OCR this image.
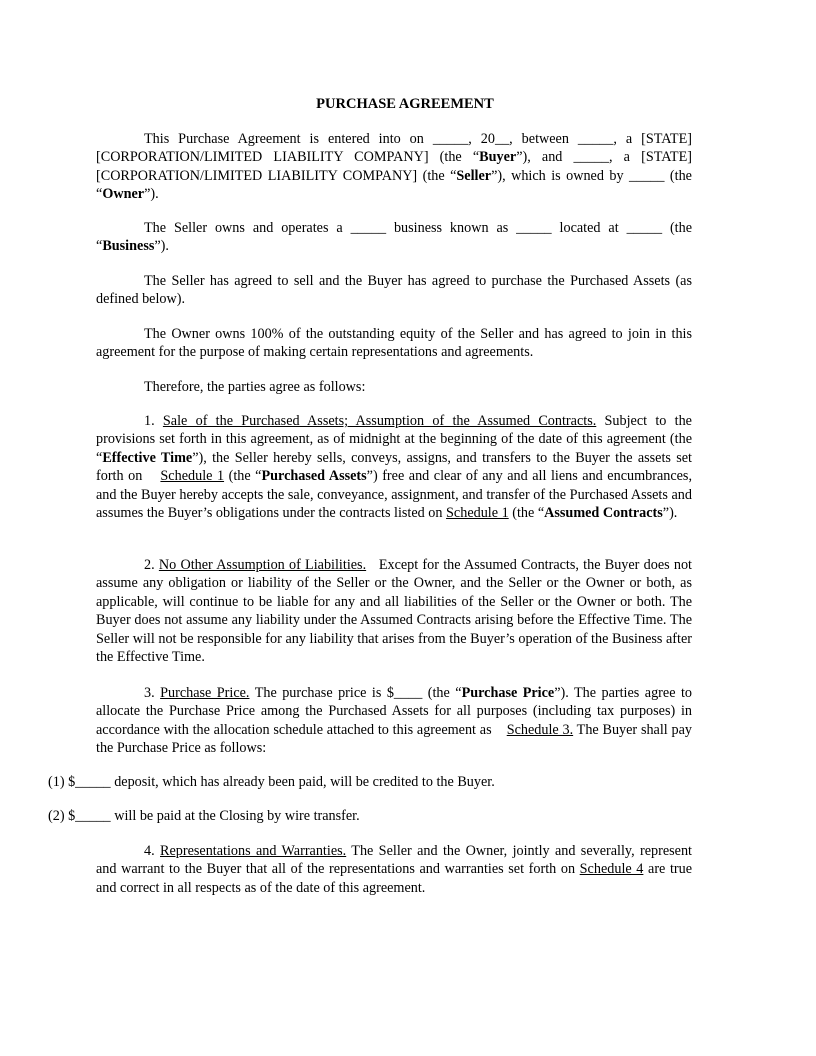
PURCHASE AGREEMENT
This Purchase Agreement is entered into on _____, 20__, between _____, a [STATE] [CORPORATION/LIMITED LIABILITY COMPANY] (the “Buyer”), and _____, a [STATE] [CORPORATION/LIMITED LIABILITY COMPANY] (the “Seller”), which is owned by _____ (the “Owner”).
The Seller owns and operates a _____ business known as _____ located at _____ (the “Business”).
The Seller has agreed to sell and the Buyer has agreed to purchase the Purchased Assets (as defined below).
The Owner owns 100% of the outstanding equity of the Seller and has agreed to join in this agreement for the purpose of making certain representations and agreements.
Therefore, the parties agree as follows:
1. Sale of the Purchased Assets; Assumption of the Assumed Contracts. Subject to the provisions set forth in this agreement, as of midnight at the beginning of the date of this agreement (the “Effective Time”), the Seller hereby sells, conveys, assigns, and transfers to the Buyer the assets set forth on Schedule 1 (the “Purchased Assets”) free and clear of any and all liens and encumbrances, and the Buyer hereby accepts the sale, conveyance, assignment, and transfer of the Purchased Assets and assumes the Buyer’s obligations under the contracts listed on Schedule 1 (the “Assumed Contracts”).
2. No Other Assumption of Liabilities. Except for the Assumed Contracts, the Buyer does not assume any obligation or liability of the Seller or the Owner, and the Seller or the Owner or both, as applicable, will continue to be liable for any and all liabilities of the Seller or the Owner or both. The Buyer does not assume any liability under the Assumed Contracts arising before the Effective Time. The Seller will not be responsible for any liability that arises from the Buyer’s operation of the Business after the Effective Time.
3. Purchase Price. The purchase price is $____ (the “Purchase Price”). The parties agree to allocate the Purchase Price among the Purchased Assets for all purposes (including tax purposes) in accordance with the allocation schedule attached to this agreement as Schedule 3. The Buyer shall pay the Purchase Price as follows:
(1) $_____ deposit, which has already been paid, will be credited to the Buyer.
(2) $_____ will be paid at the Closing by wire transfer.
4. Representations and Warranties. The Seller and the Owner, jointly and severally, represent and warrant to the Buyer that all of the representations and warranties set forth on Schedule 4 are true and correct in all respects as of the date of this agreement.
